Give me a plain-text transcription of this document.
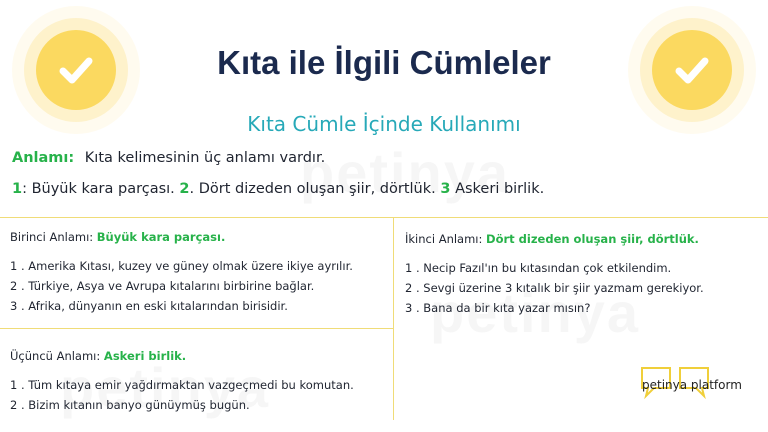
Kıta ile İlgili Cümleler
Kıta Cümle İçinde Kullanımı
Anlamı: Kıta kelimesinin üç anlamı vardır.
1: Büyük kara parçası. 2. Dört dizeden oluşan şiir, dörtlük. 3 Askeri birlik.
Birinci Anlamı: Büyük kara parçası.
1 . Amerika Kıtası, kuzey ve güney olmak üzere ikiye ayrılır.
2 . Türkiye, Asya ve Avrupa kıtalarını birbirine bağlar.
3 . Afrika, dünyanın en eski kıtalarından birisidir.
İkinci Anlamı: Dört dizeden oluşan şiir, dörtlük.
1 . Necip Fazıl'ın bu kıtasından çok etkilendim.
2 . Sevgi üzerine 3 kıtalık bir şiir yazmam gerekiyor.
3 . Bana da bir kıta yazar mısın?
Üçüncü Anlamı: Askeri birlik.
1 . Tüm kıtaya emir yağdırmaktan vazgeçmedi bu komutan.
2 . Bizim kıtanın banyo günüymüş bugün.
petinya platform
